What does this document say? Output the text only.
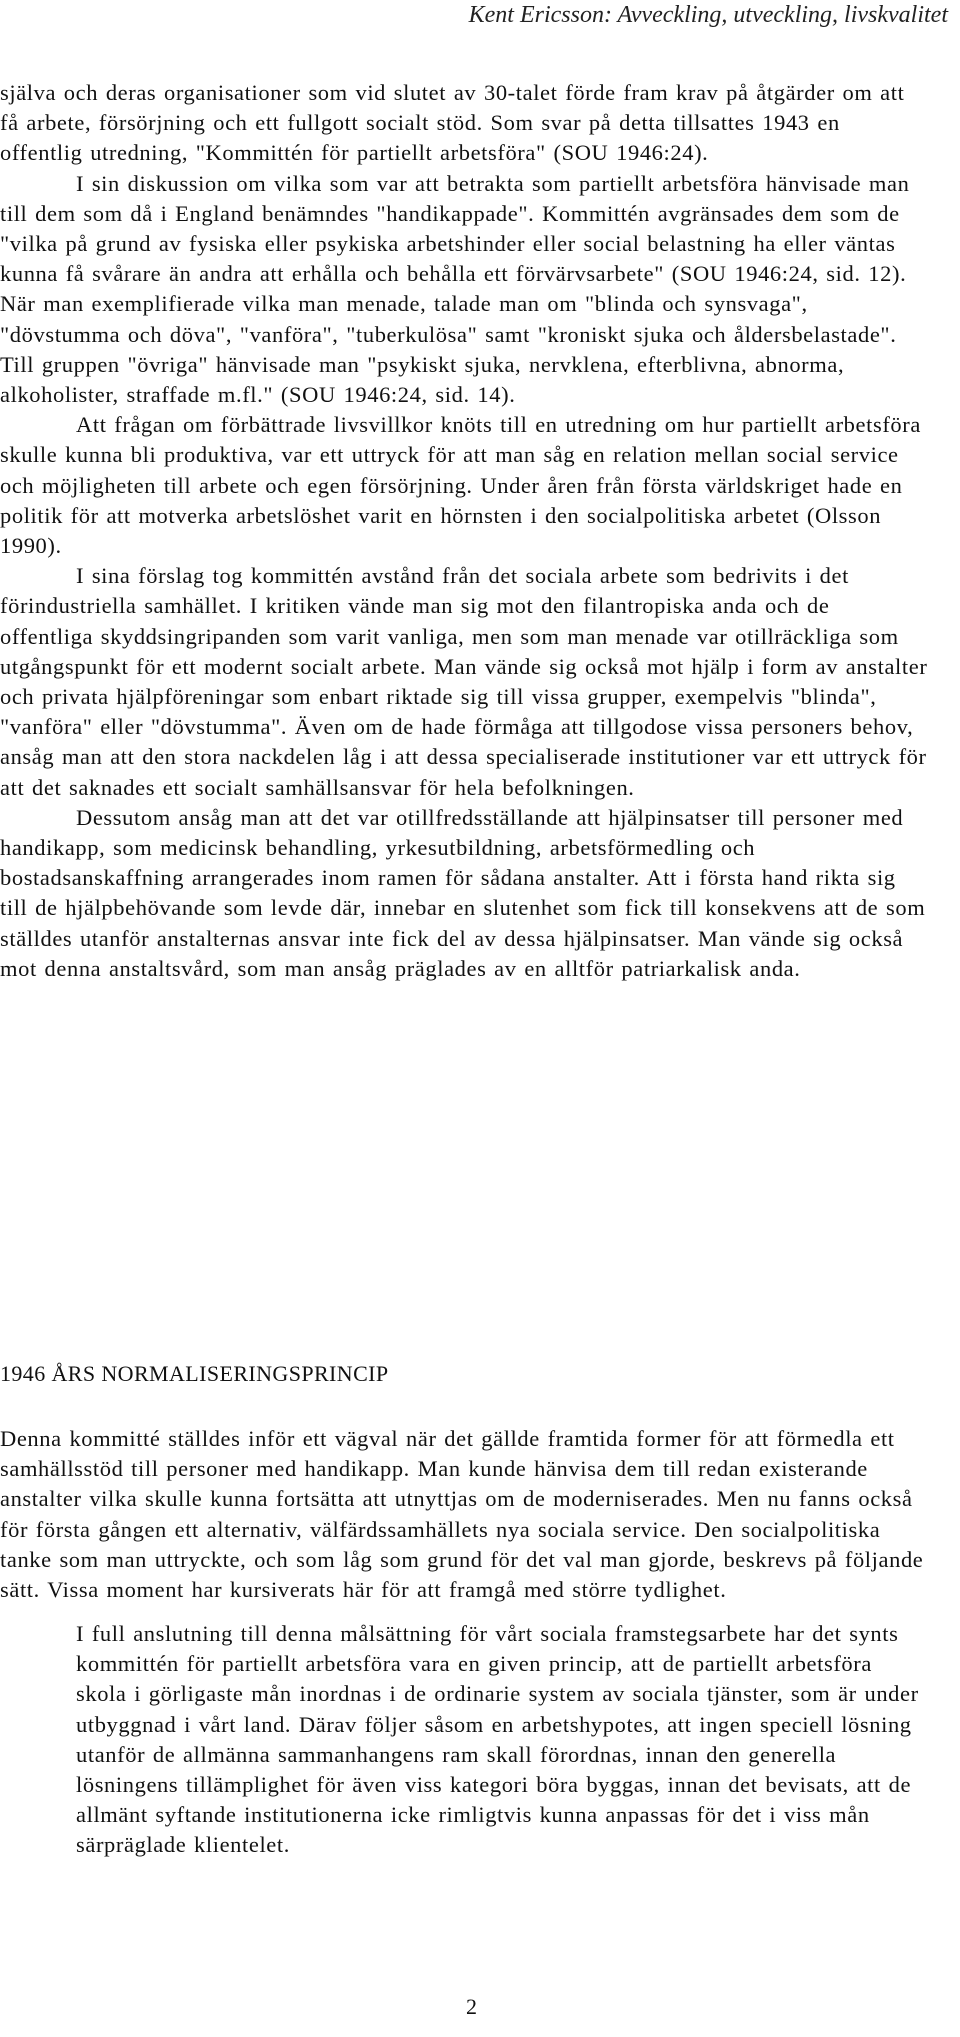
Kent Ericsson: Avveckling, utveckling, livskvalitet

själva och deras organisationer som vid slutet av 30-talet förde fram krav på åtgärder om att få arbete, försörjning och ett fullgott socialt stöd. Som svar på detta tillsattes 1943 en offentlig utredning, "Kommittén för partiellt arbetsföra" (SOU 1946:24).

I sin diskussion om vilka som var att betrakta som partiellt arbetsföra hänvisade man till dem som då i England benämndes "handikappade". Kommittén avgränsades dem som de "vilka på grund av fysiska eller psykiska arbetshinder eller social belastning ha eller väntas kunna få svårare än andra att erhålla och behålla ett förvärvsarbete" (SOU 1946:24, sid. 12). När man exemplifierade vilka man menade, talade man om "blinda och synsvaga", "dövstumma och döva", "vanföra", "tuberkulösa" samt "kroniskt sjuka och åldersbelastade". Till gruppen "övriga" hänvisade man "psykiskt sjuka, nervklena, efterblivna, abnorma, alkoholister, straffade m.fl." (SOU 1946:24, sid. 14).

Att frågan om förbättrade livsvillkor knöts till en utredning om hur partiellt arbetsföra skulle kunna bli produktiva, var ett uttryck för att man såg en relation mellan social service och möjligheten till arbete och egen försörjning. Under åren från första världskriget hade en politik för att motverka arbetslöshet varit en hörnsten i den socialpolitiska arbetet (Olsson 1990).

I sina förslag tog kommittén avstånd från det sociala arbete som bedrivits i det förindustriella samhället. I kritiken vände man sig mot den filantropiska anda och de offentliga skyddsingripanden som varit vanliga, men som man menade var otillräckliga som utgångspunkt för ett modernt socialt arbete. Man vände sig också mot hjälp i form av anstalter och privata hjälpföreningar som enbart riktade sig till vissa grupper, exempelvis "blinda", "vanföra" eller "dövstumma". Även om de hade förmåga att tillgodose vissa personers behov, ansåg man att den stora nackdelen låg i att dessa specialiserade institutioner var ett uttryck för att det saknades ett socialt samhällsansvar för hela befolkningen.

Dessutom ansåg man att det var otillfredsställande att hjälpinsatser till personer med handikapp, som medicinsk behandling, yrkesutbildning, arbetsförmedling och bostadsanskaffning arrangerades inom ramen för sådana anstalter. Att i första hand rikta sig till de hjälpbehövande som levde där, innebar en slutenhet som fick till konsekvens att de som ställdes utanför anstalternas ansvar inte fick del av dessa hjälpinsatser. Man vände sig också mot denna anstaltsvård, som man ansåg präglades av en alltför patriarkalisk anda.

1946 ÅRS NORMALISERINGSPRINCIP

Denna kommitté ställdes inför ett vägval när det gällde framtida former för att förmedla ett samhällsstöd till personer med handikapp. Man kunde hänvisa dem till redan existerande anstalter vilka skulle kunna fortsätta att utnyttjas om de moderniserades. Men nu fanns också för första gången ett alternativ, välfärdssamhällets nya sociala service. Den socialpolitiska tanke som man uttryckte, och som låg som grund för det val man gjorde, beskrevs på följande sätt. Vissa moment har kursiverats här för att framgå med större tydlighet.

I full anslutning till denna målsättning för vårt sociala framstegsarbete har det synts kommittén för partiellt arbetsföra vara en given princip, att de partiellt arbetsföra skola i görligaste mån inordnas i de ordinarie system av sociala tjänster, som är under utbyggnad i vårt land. Därav följer såsom en arbetshypotes, att ingen speciell lösning utanför de allmänna sammanhangens ram skall förordnas, innan den generella lösningens tillämplighet för även viss kategori böra byggas, innan det bevisats, att de allmänt syftande institutionerna icke rimligtvis kunna anpassas för det i viss mån särpräglade klientelet.

2
